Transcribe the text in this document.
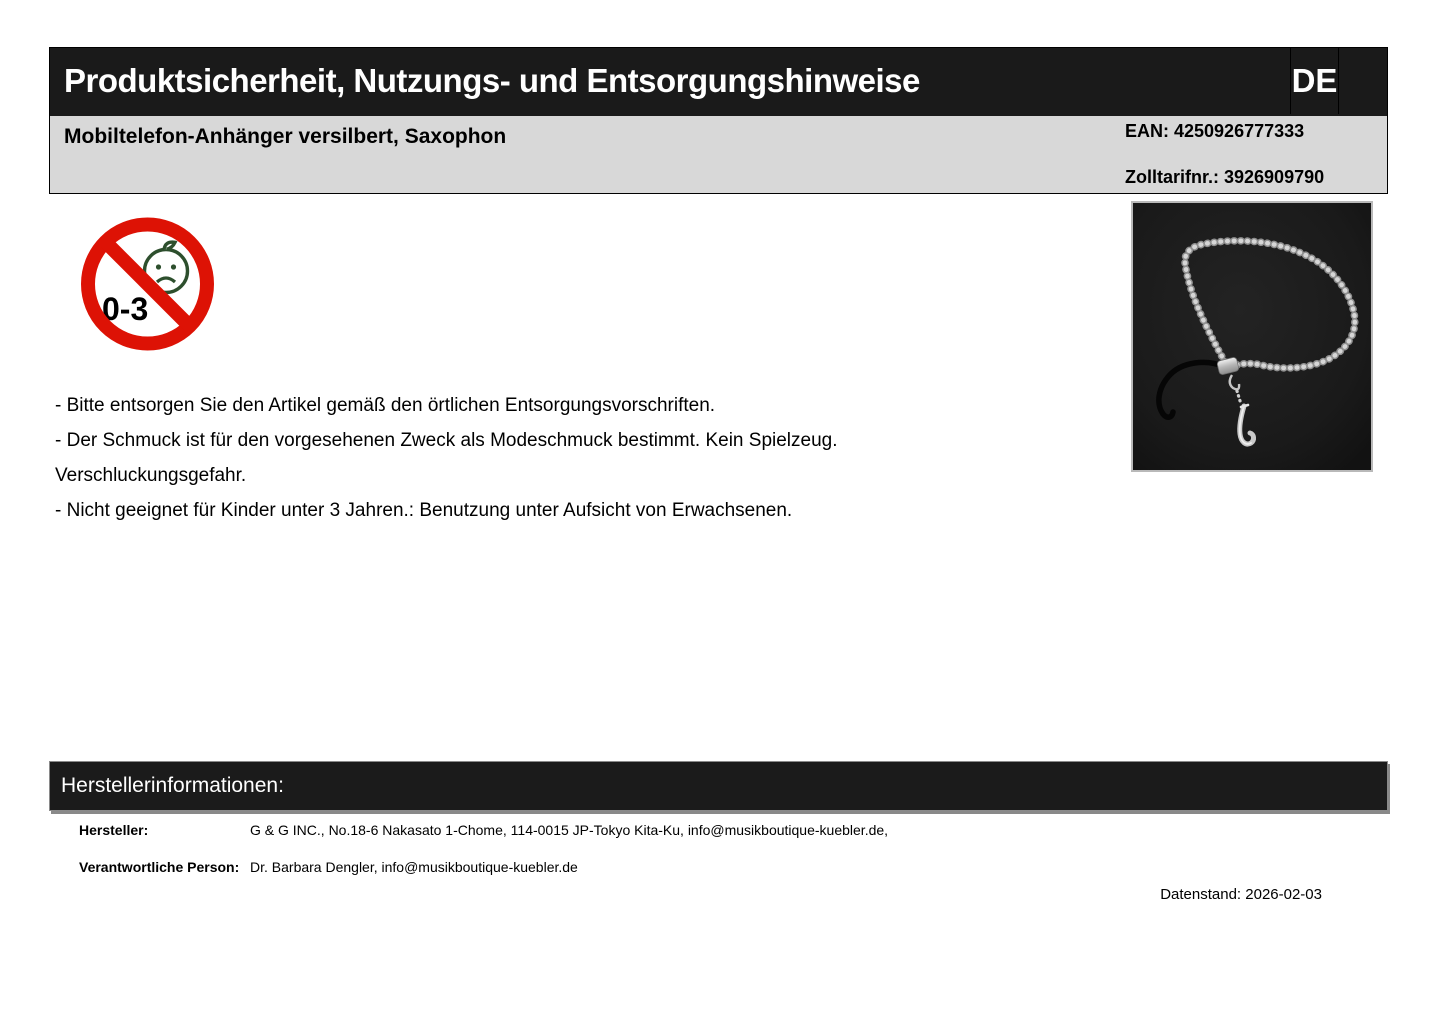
Produktsicherheit, Nutzungs- und Entsorgungshinweise	DE
Mobiltelefon-Anhänger versilbert, Saxophon	EAN: 4250926777333
Zolltarifnr.: 3926909790
0-3
- Bitte entsorgen Sie den Artikel gemäß den örtlichen Entsorgungsvorschriften.
- Der Schmuck ist für den vorgesehenen Zweck als Modeschmuck bestimmt. Kein Spielzeug.
Verschluckungsgefahr.
- Nicht geeignet für Kinder unter 3 Jahren.: Benutzung unter Aufsicht von Erwachsenen.
Herstellerinformationen:
Hersteller:	G & G INC., No.18-6 Nakasato 1-Chome, 114-0015 JP-Tokyo Kita-Ku, info@musikboutique-kuebler.de,
Verantwortliche Person: Dr. Barbara Dengler, info@musikboutique-kuebler.de
Datenstand: 2026-02-03
